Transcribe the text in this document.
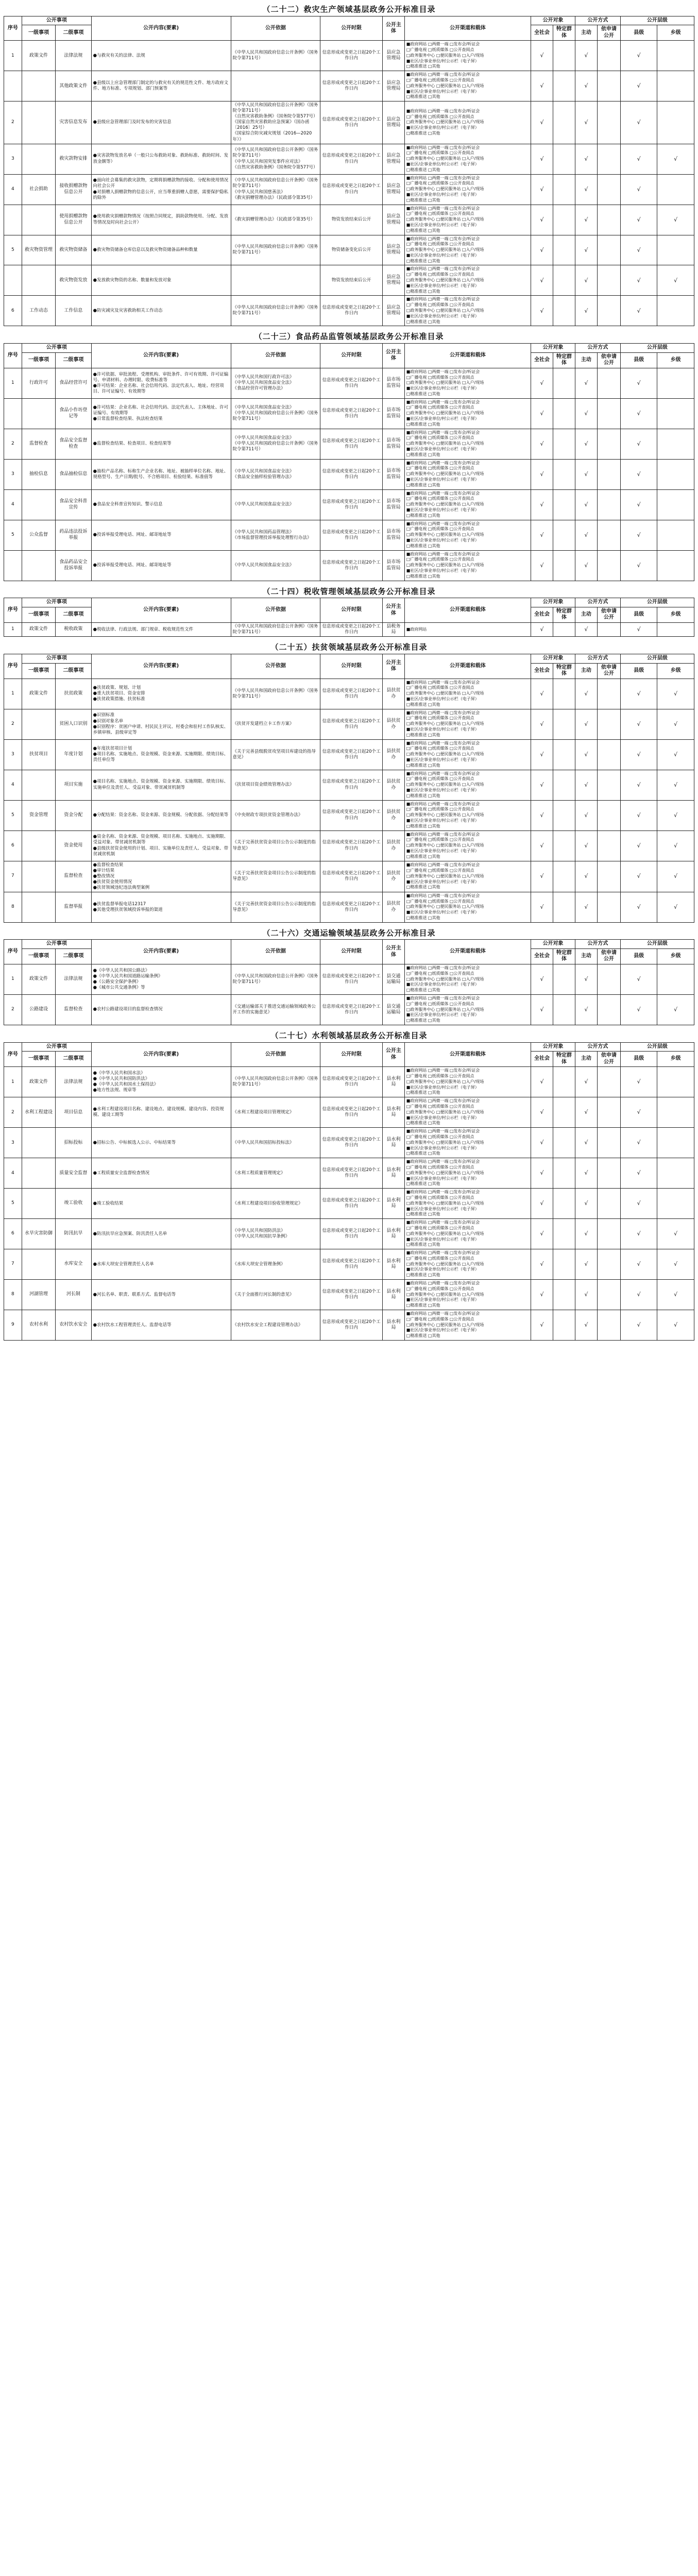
（二十二）救灾生产领域基层政务公开标准目录
序号	公开事项		公开内容(要素)	公开依据	公开时限	公开主体	公开渠道和载体	公开对象		公开方式		公开层级	
	一级事项	二级事项						全社会	特定群体	主动	依申请公开	县级	乡级
1	政策文件	法律法规	●与救灾有关的法律、法规	《中华人民共和国政府信息公开条例》（国务院令第711号）	信息形成或变更之日起20个工作日内	县应急管理局	■政府网站 □两微一端 □发布会/听证会
□广播电视 □纸质媒体 □公开查阅点
□政务服务中心 □便民服务站 □入户/现场
■社区/企事业单位/村公示栏（电子屏）
□精准推送 □其他	√		√		√	
		其他政策文件	●县级以上应急管理部门制定的与救灾有关的规范性文件、地方政府文件、地方标准、专项规划、部门预案等		信息形成或变更之日起20个工作日内	县应急管理局	■政府网站 □两微一端 □发布会/听证会
□广播电视 □纸质媒体 □公开查阅点
□政务服务中心 □便民服务站 □入户/现场
■社区/企事业单位/村公示栏（电子屏）
□精准推送 □其他	√		√		√	
2		灾害信息发布	●县级应急管理部门及时发布的灾害信息	《中华人民共和国政府信息公开条例》（国务院令第711号）
《自然灾害救助条例》（国务院令第577号）
《国家自然灾害救助应急预案》（国办函〔2016〕25号）
《国家综合防灾减灾规划（2016—2020年）》	信息形成或变更之日起20个工作日内	县应急管理局	■政府网站 □两微一端 □发布会/听证会
□广播电视 □纸质媒体 □公开查阅点
□政务服务中心 □便民服务站 □入户/现场
■社区/企事业单位/村公示栏（电子屏）
□精准推送 □其他	√		√		√	
3		救灾款物安排	●灾害款物发放名单（一般只公布救助对象、救助标准、救助时间、发放金额等）	《中华人民共和国政府信息公开条例》（国务院令第711号）
《中华人民共和国突发事件应对法》
《自然灾害救助条例》（国务院令第577号）	信息形成或变更之日起20个工作日内	县应急管理局	■政府网站 □两微一端 □发布会/听证会
□广播电视 □纸质媒体 □公开查阅点
□政务服务中心 □便民服务站 □入户/现场
■社区/企事业单位/村公示栏（电子屏）
□精准推送 □其他	√		√		√	√
4	社会捐助	接收捐赠款物信息公开	●面向社会募集的救灾款物，定期将捐赠款物的接收、分配和使用情况向社会公开
●对捐赠人捐赠款物的信息公开，应当尊重捐赠人意愿，需要保护隐私的除外	《中华人民共和国政府信息公开条例》（国务院令第711号）
《中华人民共和国慈善法》
《救灾捐赠管理办法》（民政部令第35号）	信息形成或变更之日起20个工作日内	县应急管理局	■政府网站 □两微一端 □发布会/听证会
□广播电视 □纸质媒体 □公开查阅点
□政务服务中心 □便民服务站 □入户/现场
■社区/企事业单位/村公示栏（电子屏）
□精准推送 □其他	√		√		√	
		使用捐赠款物信息公开	●使用救灾捐赠款物情况（按照合同规定，捐助款物使用、分配、发放等情况及时向社会公开）	《救灾捐赠管理办法》（民政部令第35号）	物资发放结束后公开	县应急管理局	■政府网站 □两微一端 □发布会/听证会
□广播电视 □纸质媒体 □公开查阅点
□政务服务中心 □便民服务站 □入户/现场
■社区/企事业单位/村公示栏（电子屏）
□精准推送 □其他	√		√		√	√
5	救灾物资管理	救灾物资储备	●救灾物资储备仓库信息以及救灾物资储备品种和数量	《中华人民共和国政府信息公开条例》（国务院令第711号）	物资储备变化后公开	县应急管理局	■政府网站 □两微一端 □发布会/听证会
□广播电视 □纸质媒体 □公开查阅点
□政务服务中心 □便民服务站 □入户/现场
■社区/企事业单位/村公示栏（电子屏）
□精准推送 □其他	√		√		√	
		救灾物资发放	●发放救灾物资的名称、数量和发放对象		物资发放结束后公开	县应急管理局	■政府网站 □两微一端 □发布会/听证会
□广播电视 □纸质媒体 □公开查阅点
□政务服务中心 □便民服务站 □入户/现场
■社区/企事业单位/村公示栏（电子屏）
□精准推送 □其他	√		√		√	√
6	工作动态	工作信息	●防灾减灾及灾害救助相关工作动态	《中华人民共和国政府信息公开条例》（国务院令第711号）	信息形成或变更之日起20个工作日内	县应急管理局	■政府网站 □两微一端 □发布会/听证会
□广播电视 □纸质媒体 □公开查阅点
□政务服务中心 □便民服务站 □入户/现场
■社区/企事业单位/村公示栏（电子屏）
□精准推送 □其他	√		√		√	
（二十三）食品药品监管领域基层政务公开标准目录
序号	公开事项		公开内容(要素)	公开依据	公开时限	公开主体	公开渠道和载体	公开对象		公开方式		公开层级	
	一级事项	二级事项						全社会	特定群体	主动	依申请公开	县级	乡级
1	行政许可	食品经营许可	●许可依据、审批流程、受理机构、审批条件、许可有效期、许可证编号、申请材料、办理时限、收费标准等
●许可结果：企业名称、社会信用代码、法定代表人、地址、经营项目、许可证编号、有效期等	《中华人民共和国行政许可法》
《中华人民共和国食品安全法》
《食品经营许可管理办法》	信息形成或变更之日起20个工作日内	县市场监管局	■政府网站 □两微一端 □发布会/听证会
□广播电视 □纸质媒体 □公开查阅点
□政务服务中心 □便民服务站 □入户/现场
■社区/企事业单位/村公示栏（电子屏）
□精准推送 □其他	√		√		√	
		食品小作坊登记等	●许可结果：企业名称、社会信用代码、法定代表人、主体地址、许可证编号、有效期等
●日常监督检查结果、执法检查结果	《中华人民共和国食品安全法》
《中华人民共和国政府信息公开条例》（国务院令第711号）	信息形成或变更之日起20个工作日内	县市场监管局	■政府网站 □两微一端 □发布会/听证会
□广播电视 □纸质媒体 □公开查阅点
□政务服务中心 □便民服务站 □入户/现场
■社区/企事业单位/村公示栏（电子屏）
□精准推送 □其他	√		√		√	
2	监督检查	食品安全监督检查	●监督检查结果、检查项目、检查结果等	《中华人民共和国食品安全法》
《中华人民共和国政府信息公开条例》（国务院令第711号）	信息形成或变更之日起20个工作日内	县市场监管局	■政府网站 □两微一端 □发布会/听证会
□广播电视 □纸质媒体 □公开查阅点
□政务服务中心 □便民服务站 □入户/现场
■社区/企事业单位/村公示栏（电子屏）
□精准推送 □其他	√		√		√	
3	抽检信息	食品抽检信息	●抽检产品名称、标称生产企业名称、地址、被抽样单位名称、地址、规格型号、生产日期/批号、不合格项目、检验结果、标准值等	《中华人民共和国食品安全法》
《食品安全抽样检验管理办法》	信息形成或变更之日起20个工作日内	县市场监管局	■政府网站 □两微一端 □发布会/听证会
□广播电视 □纸质媒体 □公开查阅点
□政务服务中心 □便民服务站 □入户/现场
■社区/企事业单位/村公示栏（电子屏）
□精准推送 □其他	√		√		√	
4		食品安全科普宣传	●食品安全科普宣传知识、警示信息	《中华人民共和国食品安全法》	信息形成或变更之日起20个工作日内	县市场监管局	■政府网站 □两微一端 □发布会/听证会
□广播电视 □纸质媒体 □公开查阅点
□政务服务中心 □便民服务站 □入户/现场
■社区/企事业单位/村公示栏（电子屏）
□精准推送 □其他	√		√		√	
5	公众监督	药品违法投诉举报	●投诉举报受理电话、网址、邮寄地址等	《中华人民共和国药品管理法》
《市场监督管理投诉举报处理暂行办法》	信息形成或变更之日起20个工作日内	县市场监管局	■政府网站 □两微一端 □发布会/听证会
□广播电视 □纸质媒体 □公开查阅点
□政务服务中心 □便民服务站 □入户/现场
■社区/企事业单位/村公示栏（电子屏）
□精准推送 □其他	√		√		√	
		食品药品安全投诉举报	●投诉举报受理电话、网址、邮寄地址等	《中华人民共和国食品安全法》	信息形成或变更之日起20个工作日内	县市场监管局	■政府网站 □两微一端 □发布会/听证会
□广播电视 □纸质媒体 □公开查阅点
□政务服务中心 □便民服务站 □入户/现场
■社区/企事业单位/村公示栏（电子屏）
□精准推送 □其他	√		√		√	
（二十四）税收管理领域基层政务公开标准目录
序号	公开事项		公开内容(要素)	公开依据	公开时限	公开主体	公开渠道和载体	公开对象		公开方式		公开层级	
	一级事项	二级事项						全社会	特定群体	主动	依申请公开	县级	乡级
1	政策文件	税收政策	●税收法律、行政法规、部门规章、税收规范性文件	《中华人民共和国政府信息公开条例》（国务院令第711号）	信息形成或变更之日起20个工作日内	县税务局	■政府网站	√		√		√	
（二十五）扶贫领域基层政务公开标准目录
序号	公开事项		公开内容(要素)	公开依据	公开时限	公开主体	公开渠道和载体	公开对象		公开方式		公开层级	
	一级事项	二级事项						全社会	特定群体	主动	依申请公开	县级	乡级
1	政策文件	扶贫政策	●扶贫政策、规划、计划
●重大扶贫项目、资金安排
●扶贫政策措施、扶贫标准	《中华人民共和国政府信息公开条例》（国务院令第711号）	信息形成或变更之日起20个工作日内	县扶贫办	■政府网站 □两微一端 □发布会/听证会
□广播电视 □纸质媒体 □公开查阅点
□政务服务中心 □便民服务站 □入户/现场
■社区/企事业单位/村公示栏（电子屏）
□精准推送 □其他	√		√		√	√
2		贫困人口识别	●识别标准
●识别对象名单
●识别程序：贫困户申请、村民民主评议、村委会和驻村工作队核实、乡镇审核、县级审定等	《扶贫开发建档立卡工作方案》	信息形成或变更之日起20个工作日内	县扶贫办	■政府网站 □两微一端 □发布会/听证会
□广播电视 □纸质媒体 □公开查阅点
□政务服务中心 □便民服务站 □入户/现场
■社区/企事业单位/村公示栏（电子屏）
□精准推送 □其他	√		√		√	√
3	扶贫项目	年度计划	●年度扶贫项目计划
●项目名称、实施地点、资金规模、资金来源、实施期限、绩效目标、责任单位等	《关于完善县级脱贫攻坚项目库建设的指导意见》	信息形成或变更之日起20个工作日内	县扶贫办	■政府网站 □两微一端 □发布会/听证会
□广播电视 □纸质媒体 □公开查阅点
□政务服务中心 □便民服务站 □入户/现场
■社区/企事业单位/村公示栏（电子屏）
□精准推送 □其他	√		√		√	√
4		项目实施	●项目名称、实施地点、资金规模、资金来源、实施期限、绩效目标、实施单位及责任人、受益对象、带贫减贫机制等	《扶贫项目资金绩效管理办法》	信息形成或变更之日起20个工作日内	县扶贫办	■政府网站 □两微一端 □发布会/听证会
□广播电视 □纸质媒体 □公开查阅点
□政务服务中心 □便民服务站 □入户/现场
■社区/企事业单位/村公示栏（电子屏）
□精准推送 □其他	√		√		√	√
5	资金管理	资金分配	●分配结果：资金名称、资金来源、资金规模、分配依据、分配结果等	《中央财政专项扶贫资金管理办法》	信息形成或变更之日起20个工作日内	县扶贫办	■政府网站 □两微一端 □发布会/听证会
□广播电视 □纸质媒体 □公开查阅点
□政务服务中心 □便民服务站 □入户/现场
■社区/企事业单位/村公示栏（电子屏）
□精准推送 □其他	√		√		√	√
6		资金使用	●资金名称、资金来源、资金规模、项目名称、实施地点、实施期限、受益对象、带贫减贫机制等
●县级扶贫资金使用的计划、项目、实施单位及责任人、受益对象、带贫减贫机制	《关于完善扶贫资金项目公告公示制度的指导意见》	信息形成或变更之日起20个工作日内	县扶贫办	■政府网站 □两微一端 □发布会/听证会
□广播电视 □纸质媒体 □公开查阅点
□政务服务中心 □便民服务站 □入户/现场
■社区/企事业单位/村公示栏（电子屏）
□精准推送 □其他	√		√		√	√
7		监督检查	●监督检查结果
●审计结果
●整改情况
●扶贫资金使用情况
●扶贫领域违纪违法典型案例	《关于完善扶贫资金项目公告公示制度的指导意见》	信息形成或变更之日起20个工作日内	县扶贫办	■政府网站 □两微一端 □发布会/听证会
□广播电视 □纸质媒体 □公开查阅点
□政务服务中心 □便民服务站 □入户/现场
■社区/企事业单位/村公示栏（电子屏）
□精准推送 □其他	√		√		√	√
8		监督举报	●扶贫监督举报电话12317
●其他受理扶贫领域投诉举报的渠道	《关于完善扶贫资金项目公告公示制度的指导意见》	信息形成或变更之日起20个工作日内	县扶贫办	■政府网站 □两微一端 □发布会/听证会
□广播电视 □纸质媒体 □公开查阅点
□政务服务中心 □便民服务站 □入户/现场
■社区/企事业单位/村公示栏（电子屏）
□精准推送 □其他	√		√		√	√
（二十六）交通运输领域基层政务公开标准目录
序号	公开事项		公开内容(要素)	公开依据	公开时限	公开主体	公开渠道和载体	公开对象		公开方式		公开层级	
	一级事项	二级事项						全社会	特定群体	主动	依申请公开	县级	乡级
1	政策文件	法律法规	●《中华人民共和国公路法》
●《中华人民共和国道路运输条例》
●《公路安全保护条例》
●《城市公共交通条例》等	《中华人民共和国政府信息公开条例》（国务院令第711号）	信息形成或变更之日起20个工作日内	县交通运输局	■政府网站 □两微一端 □发布会/听证会
□广播电视 □纸质媒体 □公开查阅点
□政务服务中心 □便民服务站 □入户/现场
■社区/企事业单位/村公示栏（电子屏）
□精准推送 □其他	√		√		√	
2	公路建设	监督检查	●农村公路建设项目的监督检查情况	《交通运输部关于推进交通运输领域政务公开工作的实施意见》	信息形成或变更之日起20个工作日内	县交通运输局	■政府网站 □两微一端 □发布会/听证会
□广播电视 □纸质媒体 □公开查阅点
□政务服务中心 □便民服务站 □入户/现场
■社区/企事业单位/村公示栏（电子屏）
□精准推送 □其他	√		√		√	√
（二十七）水利领域基层政务公开标准目录
序号	公开事项		公开内容(要素)	公开依据	公开时限	公开主体	公开渠道和载体	公开对象		公开方式		公开层级	
	一级事项	二级事项						全社会	特定群体	主动	依申请公开	县级	乡级
1	政策文件	法律法规	●《中华人民共和国水法》
●《中华人民共和国防洪法》
●《中华人民共和国水土保持法》
●地方性法规、规章等	《中华人民共和国政府信息公开条例》（国务院令第711号）	信息形成或变更之日起20个工作日内	县水利局	■政府网站 □两微一端 □发布会/听证会
□广播电视 □纸质媒体 □公开查阅点
□政务服务中心 □便民服务站 □入户/现场
■社区/企事业单位/村公示栏（电子屏）
□精准推送 □其他	√		√		√	
2	水利工程建设	项目信息	●水利工程建设项目名称、建设地点、建设规模、建设内容、投资规模、建设工期等	《水利工程建设项目管理规定》	信息形成或变更之日起20个工作日内	县水利局	■政府网站 □两微一端 □发布会/听证会
□广播电视 □纸质媒体 □公开查阅点
□政务服务中心 □便民服务站 □入户/现场
■社区/企事业单位/村公示栏（电子屏）
□精准推送 □其他	√		√		√	
3		招标投标	●招标公告、中标候选人公示、中标结果等	《中华人民共和国招标投标法》	信息形成或变更之日起20个工作日内	县水利局	■政府网站 □两微一端 □发布会/听证会
□广播电视 □纸质媒体 □公开查阅点
□政务服务中心 □便民服务站 □入户/现场
■社区/企事业单位/村公示栏（电子屏）
□精准推送 □其他	√		√		√	
4		质量安全监督	●工程质量安全监督检查情况	《水利工程质量管理规定》	信息形成或变更之日起20个工作日内	县水利局	■政府网站 □两微一端 □发布会/听证会
□广播电视 □纸质媒体 □公开查阅点
□政务服务中心 □便民服务站 □入户/现场
■社区/企事业单位/村公示栏（电子屏）
□精准推送 □其他	√		√		√	
5		竣工验收	●竣工验收结果	《水利工程建设项目验收管理规定》	信息形成或变更之日起20个工作日内	县水利局	■政府网站 □两微一端 □发布会/听证会
□广播电视 □纸质媒体 □公开查阅点
□政务服务中心 □便民服务站 □入户/现场
■社区/企事业单位/村公示栏（电子屏）
□精准推送 □其他	√		√		√	
6	水旱灾害防御	防汛抗旱	●防汛抗旱应急预案、防汛责任人名单	《中华人民共和国防洪法》
《中华人民共和国抗旱条例》	信息形成或变更之日起20个工作日内	县水利局	■政府网站 □两微一端 □发布会/听证会
□广播电视 □纸质媒体 □公开查阅点
□政务服务中心 □便民服务站 □入户/现场
■社区/企事业单位/村公示栏（电子屏）
□精准推送 □其他	√		√		√	√
7		水库安全	●水库大坝安全管理责任人名单	《水库大坝安全管理条例》	信息形成或变更之日起20个工作日内	县水利局	■政府网站 □两微一端 □发布会/听证会
□广播电视 □纸质媒体 □公开查阅点
□政务服务中心 □便民服务站 □入户/现场
■社区/企事业单位/村公示栏（电子屏）
□精准推送 □其他	√		√		√	√
8	河湖管理	河长制	●河长名单、职责、联系方式、监督电话等	《关于全面推行河长制的意见》	信息形成或变更之日起20个工作日内	县水利局	■政府网站 □两微一端 □发布会/听证会
□广播电视 □纸质媒体 □公开查阅点
□政务服务中心 □便民服务站 □入户/现场
■社区/企事业单位/村公示栏（电子屏）
□精准推送 □其他	√		√		√	√
9	农村水利	农村饮水安全	●农村饮水工程管理责任人、监督电话等	《农村饮水安全工程建设管理办法》	信息形成或变更之日起20个工作日内	县水利局	■政府网站 □两微一端 □发布会/听证会
□广播电视 □纸质媒体 □公开查阅点
□政务服务中心 □便民服务站 □入户/现场
■社区/企事业单位/村公示栏（电子屏）
□精准推送 □其他	√		√		√	√
